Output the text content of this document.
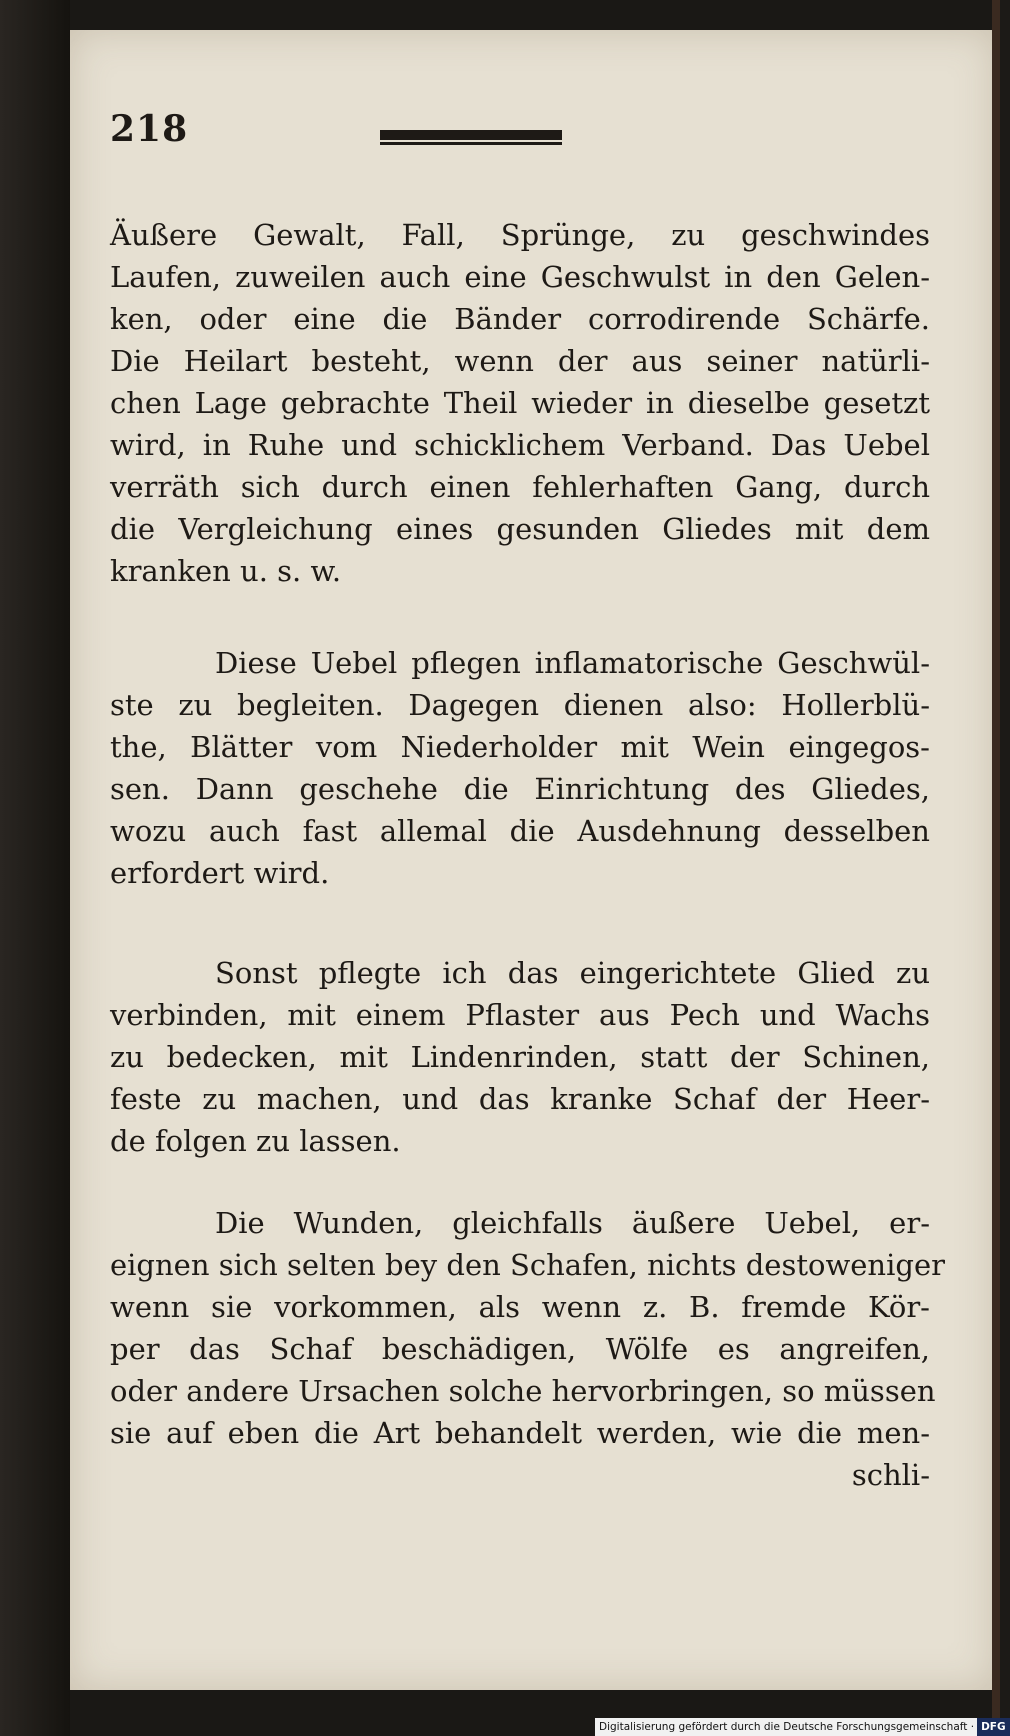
218
Äußere Gewalt, Fall, Sprünge, zu geschwindes
Laufen, zuweilen auch eine Geschwulst in den Gelen-
ken, oder eine die Bänder corrodirende Schärfe.
Die Heilart besteht, wenn der aus seiner natürli-
chen Lage gebrachte Theil wieder in dieselbe gesetzt
wird, in Ruhe und schicklichem Verband. Das Uebel
verräth sich durch einen fehlerhaften Gang, durch
die Vergleichung eines gesunden Gliedes mit dem
kranken u. s. w.
Diese Uebel pflegen inflamatorische Geschwül-
ste zu begleiten. Dagegen dienen also: Hollerblü-
the, Blätter vom Niederholder mit Wein eingegos-
sen. Dann geschehe die Einrichtung des Gliedes,
wozu auch fast allemal die Ausdehnung desselben
erfordert wird.
Sonst pflegte ich das eingerichtete Glied zu
verbinden, mit einem Pflaster aus Pech und Wachs
zu bedecken, mit Lindenrinden, statt der Schinen,
feste zu machen, und das kranke Schaf der Heer-
de folgen zu lassen.
Die Wunden, gleichfalls äußere Uebel, er-
eignen sich selten bey den Schafen, nichts destoweniger
wenn sie vorkommen, als wenn z. B. fremde Kör-
per das Schaf beschädigen, Wölfe es angreifen,
oder andere Ursachen solche hervorbringen, so müssen
sie auf eben die Art behandelt werden, wie die men-
schli-
Digitalisierung gefördert durch die Deutsche Forschungsgemeinschaft · DFG
